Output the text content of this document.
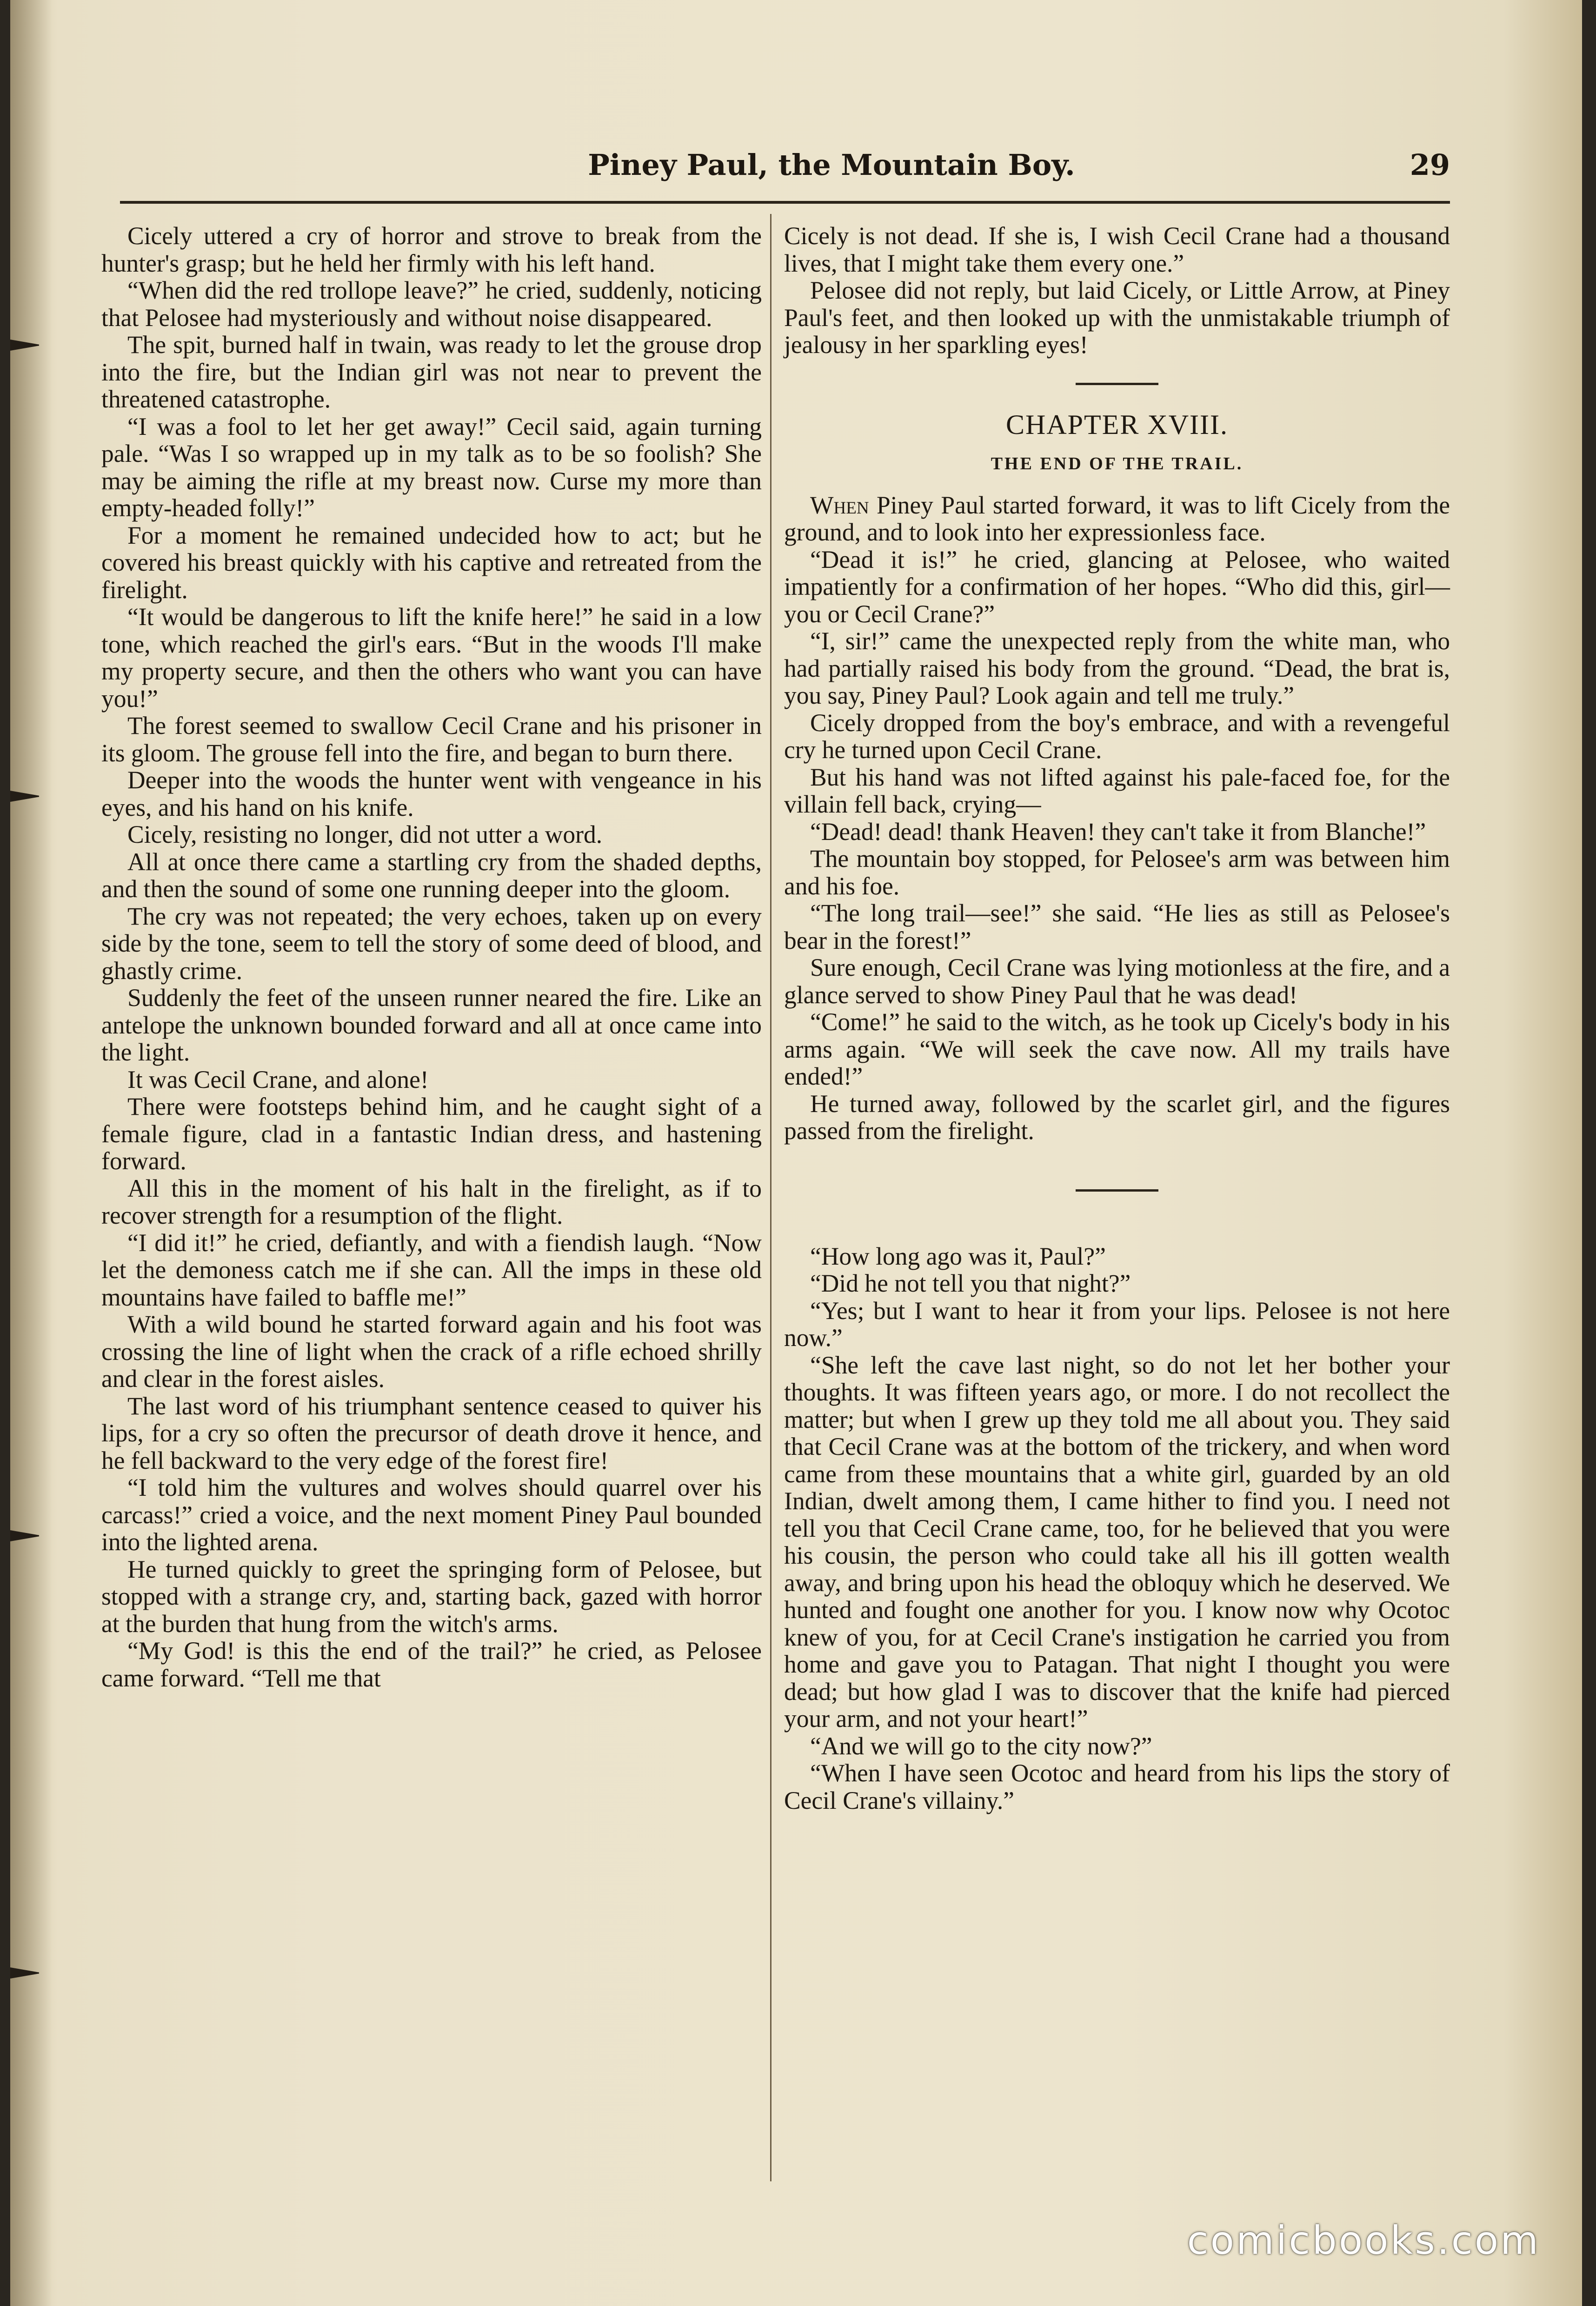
Piney Paul, the Mountain Boy.	29

Cicely uttered a cry of horror and strove to break from the hunter's grasp; but he held her firmly with his left hand.

“When did the red trollope leave?” he cried, suddenly, noticing that Pelosee had mysteriously and without noise disappeared.

The spit, burned half in twain, was ready to let the grouse drop into the fire, but the Indian girl was not near to prevent the threatened catastrophe.

“I was a fool to let her get away!” Cecil said, again turning pale. “Was I so wrapped up in my talk as to be so foolish? She may be aiming the rifle at my breast now. Curse my more than empty-headed folly!”

For a moment he remained undecided how to act; but he covered his breast quickly with his captive and retreated from the firelight.

“It would be dangerous to lift the knife here!” he said in a low tone, which reached the girl's ears. “But in the woods I'll make my property secure, and then the others who want you can have you!”

The forest seemed to swallow Cecil Crane and his prisoner in its gloom. The grouse fell into the fire, and began to burn there.

Deeper into the woods the hunter went with vengeance in his eyes, and his hand on his knife.

Cicely, resisting no longer, did not utter a word.

All at once there came a startling cry from the shaded depths, and then the sound of some one running deeper into the gloom.

The cry was not repeated; the very echoes, taken up on every side by the tone, seem to tell the story of some deed of blood, and ghastly crime.

Suddenly the feet of the unseen runner neared the fire. Like an antelope the unknown bounded forward and all at once came into the light.

It was Cecil Crane, and alone!

There were footsteps behind him, and he caught sight of a female figure, clad in a fantastic Indian dress, and hastening forward.

All this in the moment of his halt in the firelight, as if to recover strength for a resumption of the flight.

“I did it!” he cried, defiantly, and with a fiendish laugh. “Now let the demoness catch me if she can. All the imps in these old mountains have failed to baffle me!”

With a wild bound he started forward again and his foot was crossing the line of light when the crack of a rifle echoed shrilly and clear in the forest aisles.

The last word of his triumphant sentence ceased to quiver his lips, for a cry so often the precursor of death drove it hence, and he fell backward to the very edge of the forest fire!

“I told him the vultures and wolves should quarrel over his carcass!” cried a voice, and the next moment Piney Paul bounded into the lighted arena.

He turned quickly to greet the springing form of Pelosee, but stopped with a strange cry, and, starting back, gazed with horror at the burden that hung from the witch's arms.

“My God! is this the end of the trail?” he cried, as Pelosee came forward. “Tell me that

Cicely is not dead. If she is, I wish Cecil Crane had a thousand lives, that I might take them every one.”

Pelosee did not reply, but laid Cicely, or Little Arrow, at Piney Paul's feet, and then looked up with the unmistakable triumph of jealousy in her sparkling eyes!

CHAPTER XVIII.
THE END OF THE TRAIL.

When Piney Paul started forward, it was to lift Cicely from the ground, and to look into her expressionless face.

“Dead it is!” he cried, glancing at Pelosee, who waited impatiently for a confirmation of her hopes. “Who did this, girl—you or Cecil Crane?”

“I, sir!” came the unexpected reply from the white man, who had partially raised his body from the ground. “Dead, the brat is, you say, Piney Paul? Look again and tell me truly.”

Cicely dropped from the boy's embrace, and with a revengeful cry he turned upon Cecil Crane.

But his hand was not lifted against his pale-faced foe, for the villain fell back, crying—

“Dead! dead! thank Heaven! they can't take it from Blanche!”

The mountain boy stopped, for Pelosee's arm was between him and his foe.

“The long trail—see!” she said. “He lies as still as Pelosee's bear in the forest!”

Sure enough, Cecil Crane was lying motionless at the fire, and a glance served to show Piney Paul that he was dead!

“Come!” he said to the witch, as he took up Cicely's body in his arms again. “We will seek the cave now. All my trails have ended!”

He turned away, followed by the scarlet girl, and the figures passed from the firelight.

“How long ago was it, Paul?”

“Did he not tell you that night?”

“Yes; but I want to hear it from your lips. Pelosee is not here now.”

“She left the cave last night, so do not let her bother your thoughts. It was fifteen years ago, or more. I do not recollect the matter; but when I grew up they told me all about you. They said that Cecil Crane was at the bottom of the trickery, and when word came from these mountains that a white girl, guarded by an old Indian, dwelt among them, I came hither to find you. I need not tell you that Cecil Crane came, too, for he believed that you were his cousin, the person who could take all his ill gotten wealth away, and bring upon his head the obloquy which he deserved. We hunted and fought one another for you. I know now why Ocotoc knew of you, for at Cecil Crane's instigation he carried you from home and gave you to Patagan. That night I thought you were dead; but how glad I was to discover that the knife had pierced your arm, and not your heart!”

“And we will go to the city now?”

“When I have seen Ocotoc and heard from his lips the story of Cecil Crane's villainy.”

comicbooks.com
